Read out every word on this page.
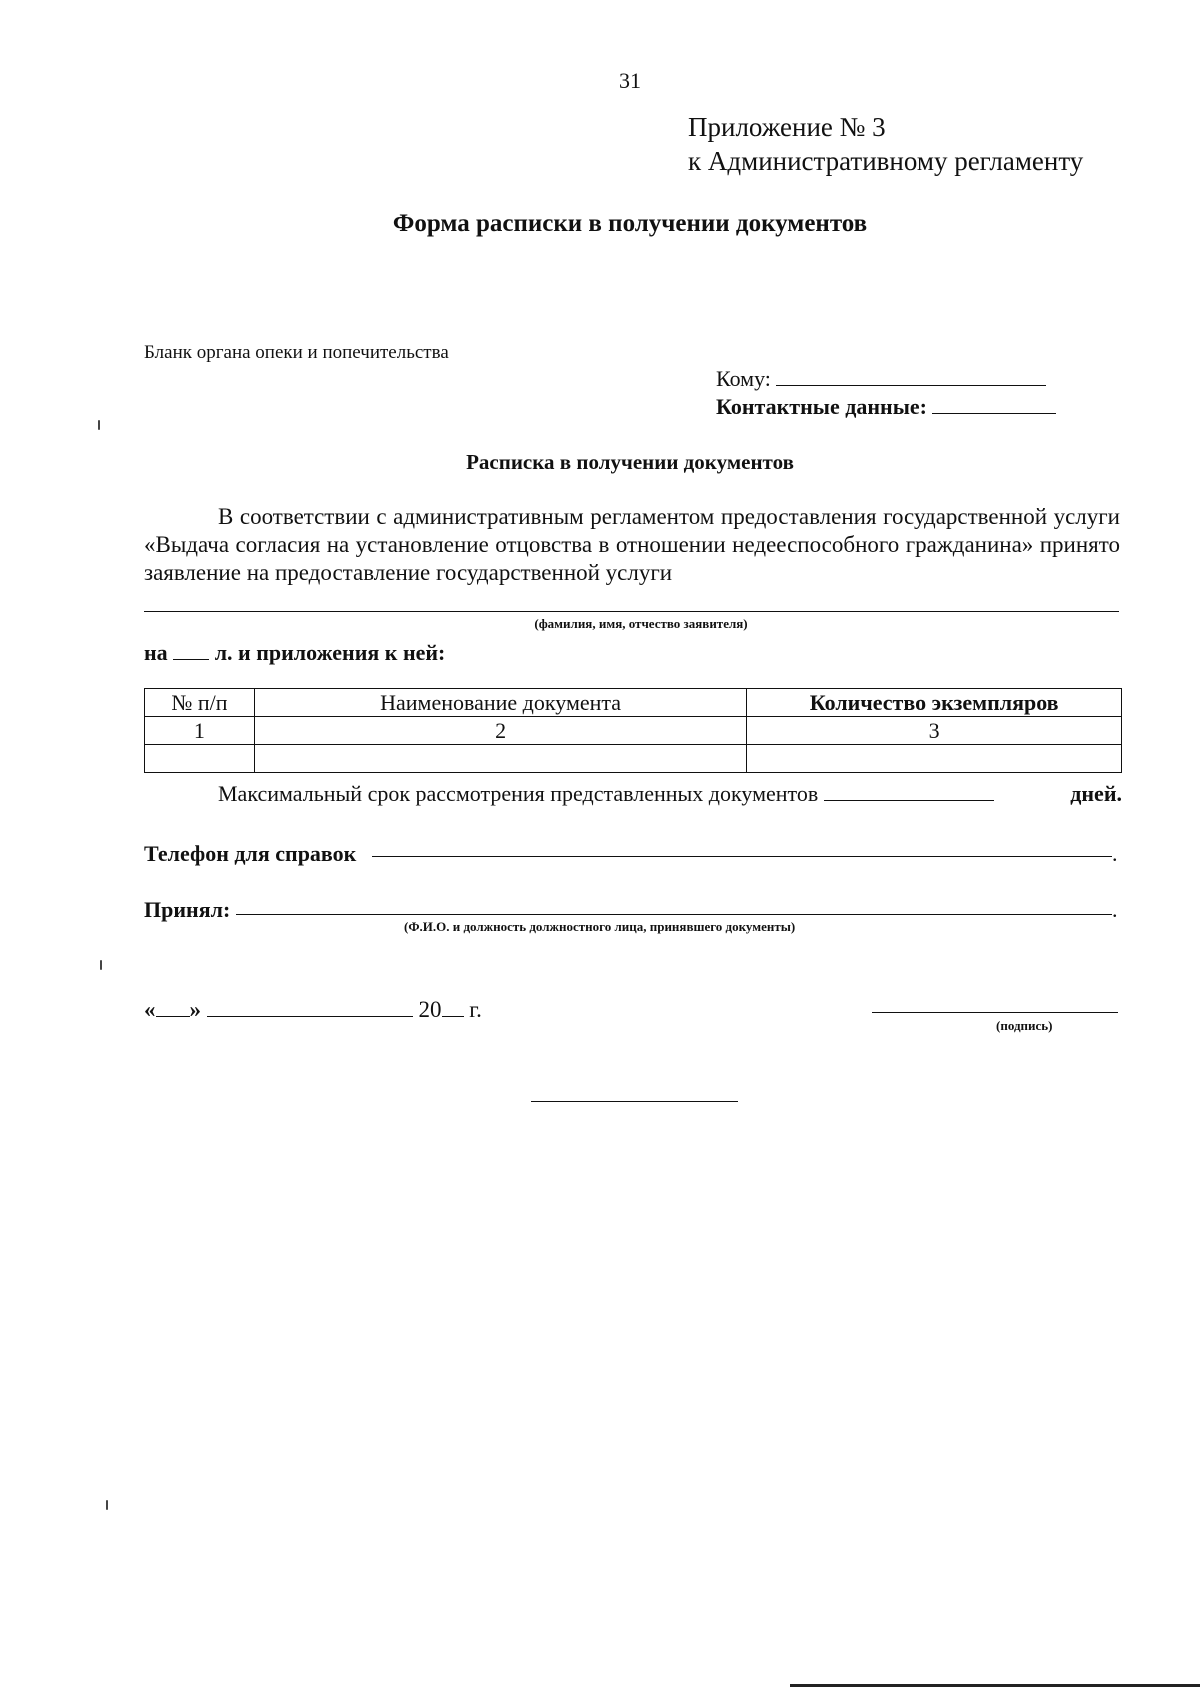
31
Приложение № 3
к Административному регламенту
Форма расписки в получении документов
Бланк органа опеки и попечительства
Кому:
Контактные данные:
Расписка в получении документов
В соответствии с административным регламентом предоставления государственной услуги «Выдача согласия на установление отцовства в отношении недееспособного гражданина» принято заявление на предоставление государственной услуги
(фамилия, имя, отчество заявителя)
на л. и приложения к ней:
№ п/п	Наименование документа	Количество экземпляров
1	2	3

Максимальный срок рассмотрения представленных документов	дней.
Телефон для справок	.
Принял:	.
(Ф.И.О. и должность должностного лица, принявшего документы)
« »	20 г.
(подпись)
